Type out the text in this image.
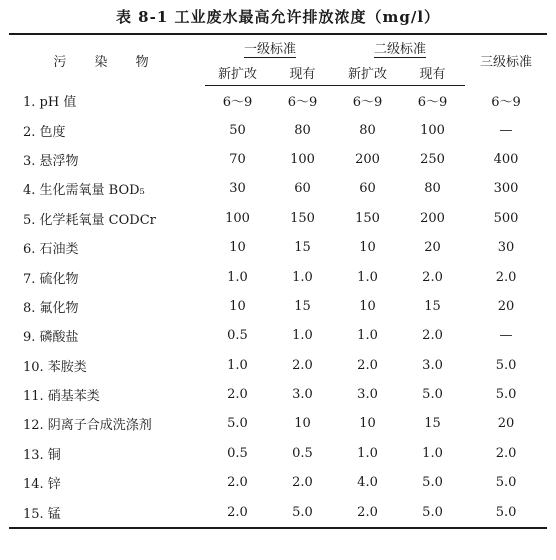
表 8-1 工业废水最高允许排放浓度（mg/l）
污 染 物	一级标准		二级标准		三级标准
	新扩改	现有	新扩改	现有	
1. pH 值	6～9	6～9	6～9	6～9	6～9
2. 色度	50	80	80	100	—
3. 悬浮物	70	100	200	250	400
4. 生化需氧量 BOD₅	30	60	60	80	300
5. 化学耗氧量 CODCr	100	150	150	200	500
6. 石油类	10	15	10	20	30
7. 硫化物	1.0	1.0	1.0	2.0	2.0
8. 氟化物	10	15	10	15	20
9. 磷酸盐	0.5	1.0	1.0	2.0	—
10. 苯胺类	1.0	2.0	2.0	3.0	5.0
11. 硝基苯类	2.0	3.0	3.0	5.0	5.0
12. 阴离子合成洗涤剂	5.0	10	10	15	20
13. 铜	0.5	0.5	1.0	1.0	2.0
14. 锌	2.0	2.0	4.0	5.0	5.0
15. 锰	2.0	5.0	2.0	5.0	5.0
